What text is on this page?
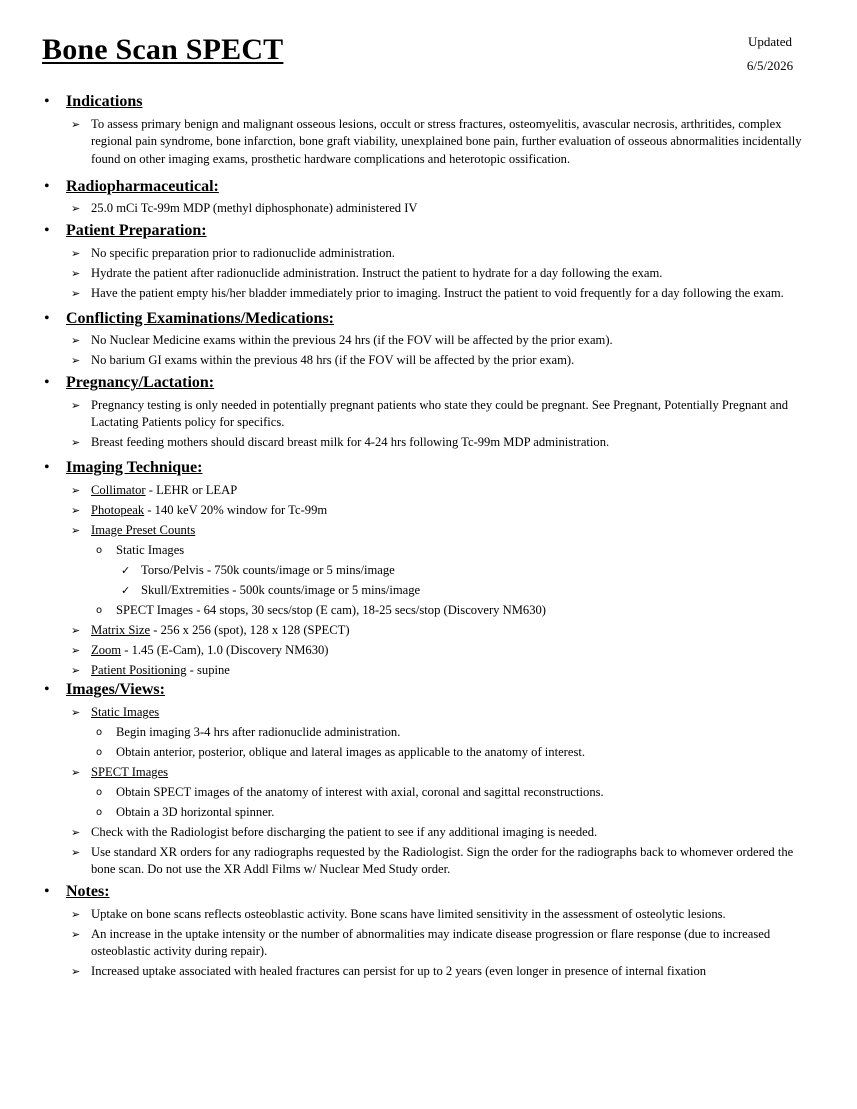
Bone Scan SPECT	Updated
6/5/2026
• Indications
➢ To assess primary benign and malignant osseous lesions, occult or stress fractures, osteomyelitis, avascular necrosis, arthritides, complex regional pain syndrome, bone infarction, bone graft viability, unexplained bone pain, further evaluation of osseous abnormalities incidentally found on other imaging exams, prosthetic hardware complications and heterotopic ossification.
• Radiopharmaceutical:
➢ 25.0 mCi Tc-99m MDP (methyl diphosphonate) administered IV
• Patient Preparation:
➢ No specific preparation prior to radionuclide administration.
➢ Hydrate the patient after radionuclide administration. Instruct the patient to hydrate for a day following the exam.
➢ Have the patient empty his/her bladder immediately prior to imaging. Instruct the patient to void frequently for a day following the exam.
• Conflicting Examinations/Medications:
➢ No Nuclear Medicine exams within the previous 24 hrs (if the FOV will be affected by the prior exam).
➢ No barium GI exams within the previous 48 hrs (if the FOV will be affected by the prior exam).
• Pregnancy/Lactation:
➢ Pregnancy testing is only needed in potentially pregnant patients who state they could be pregnant. See Pregnant, Potentially Pregnant and Lactating Patients policy for specifics.
➢ Breast feeding mothers should discard breast milk for 4-24 hrs following Tc-99m MDP administration.
• Imaging Technique:
➢ Collimator - LEHR or LEAP
➢ Photopeak - 140 keV 20% window for Tc-99m
➢ Image Preset Counts
o Static Images
✓ Torso/Pelvis - 750k counts/image or 5 mins/image
✓ Skull/Extremities - 500k counts/image or 5 mins/image
o SPECT Images - 64 stops, 30 secs/stop (E cam), 18-25 secs/stop (Discovery NM630)
➢ Matrix Size - 256 x 256 (spot), 128 x 128 (SPECT)
➢ Zoom - 1.45 (E-Cam), 1.0 (Discovery NM630)
➢ Patient Positioning - supine
• Images/Views:
➢ Static Images
o Begin imaging 3-4 hrs after radionuclide administration.
o Obtain anterior, posterior, oblique and lateral images as applicable to the anatomy of interest.
➢ SPECT Images
o Obtain SPECT images of the anatomy of interest with axial, coronal and sagittal reconstructions.
o Obtain a 3D horizontal spinner.
➢ Check with the Radiologist before discharging the patient to see if any additional imaging is needed.
➢ Use standard XR orders for any radiographs requested by the Radiologist. Sign the order for the radiographs back to whomever ordered the bone scan. Do not use the XR Addl Films w/ Nuclear Med Study order.
• Notes:
➢ Uptake on bone scans reflects osteoblastic activity. Bone scans have limited sensitivity in the assessment of osteolytic lesions.
➢ An increase in the uptake intensity or the number of abnormalities may indicate disease progression or flare response (due to increased osteoblastic activity during repair).
➢ Increased uptake associated with healed fractures can persist for up to 2 years (even longer in presence of internal fixation
